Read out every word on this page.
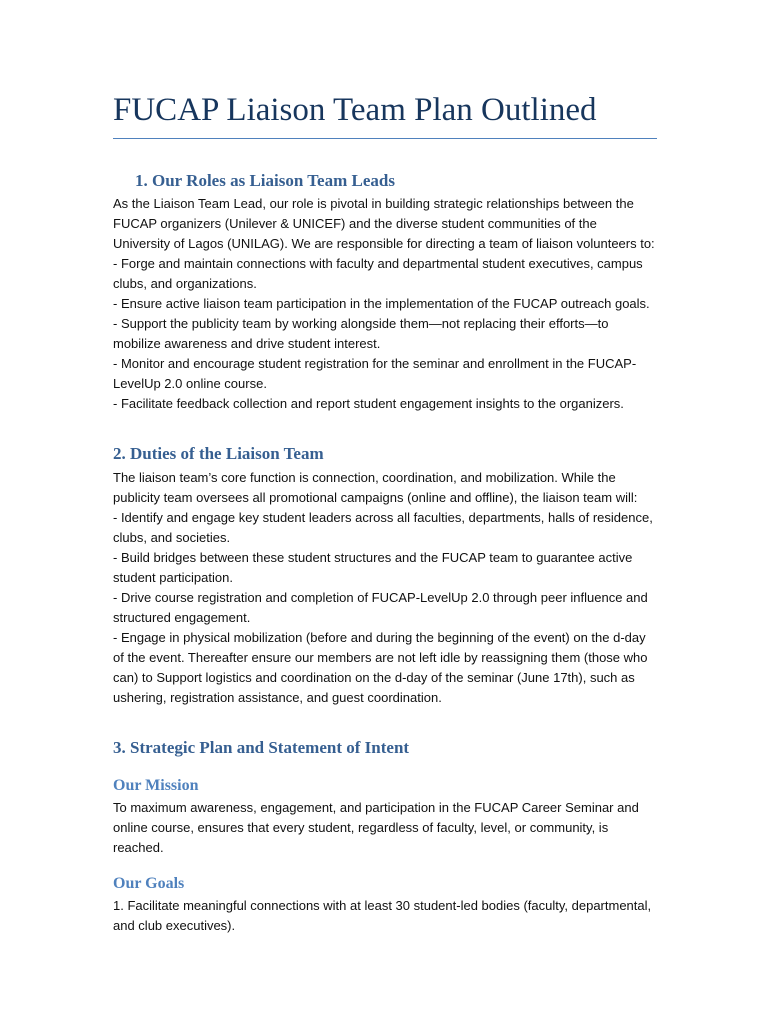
FUCAP Liaison Team Plan Outlined
1. Our Roles as Liaison Team Leads

As the Liaison Team Lead, our role is pivotal in building strategic relationships between the FUCAP organizers (Unilever & UNICEF) and the diverse student communities of the University of Lagos (UNILAG). We are responsible for directing a team of liaison volunteers to:

- Forge and maintain connections with faculty and departmental student executives, campus clubs, and organizations.

- Ensure active liaison team participation in the implementation of the FUCAP outreach goals.

- Support the publicity team by working alongside them—not replacing their efforts—to mobilize awareness and drive student interest.

- Monitor and encourage student registration for the seminar and enrollment in the FUCAP-LevelUp 2.0 online course.

- Facilitate feedback collection and report student engagement insights to the organizers.

2. Duties of the Liaison Team

The liaison team’s core function is connection, coordination, and mobilization. While the publicity team oversees all promotional campaigns (online and offline), the liaison team will:

- Identify and engage key student leaders across all faculties, departments, halls of residence, clubs, and societies.

- Build bridges between these student structures and the FUCAP team to guarantee active student participation.

- Drive course registration and completion of FUCAP-LevelUp 2.0 through peer influence and structured engagement.

- Engage in physical mobilization (before and during the beginning of the event) on the d-day of the event. Thereafter ensure our members are not left idle by reassigning them (those who can) to Support logistics and coordination on the d-day of the seminar (June 17th), such as ushering, registration assistance, and guest coordination.

3. Strategic Plan and Statement of Intent
Our Mission

To maximum awareness, engagement, and participation in the FUCAP Career Seminar and online course, ensures that every student, regardless of faculty, level, or community, is reached.

Our Goals

1. Facilitate meaningful connections with at least 30 student-led bodies (faculty, departmental, and club executives).
